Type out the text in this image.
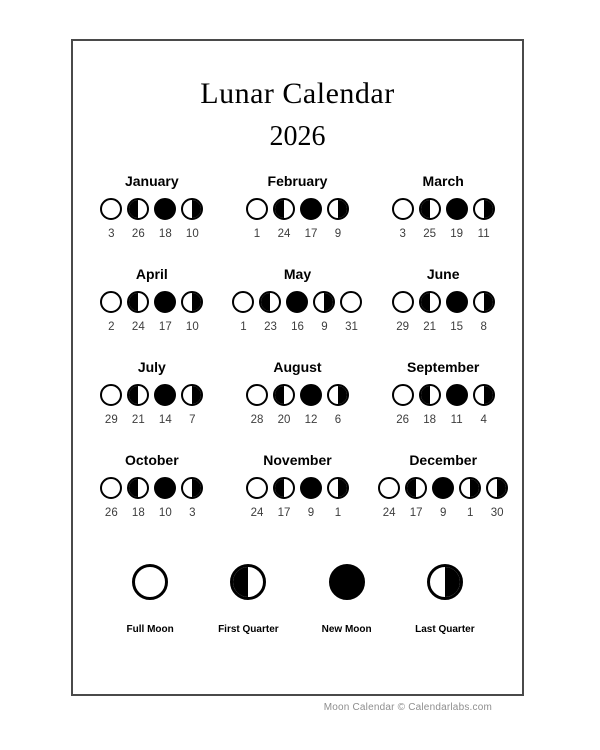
Lunar Calendar
2026
January
3 26 18 10
February
1 24 17 9
March
3 25 19 11
April
2 24 17 10
May
1 23 16 9 31
June
29 21 15 8
July
29 21 14 7
August
28 20 12 6
September
26 18 11 4
October
26 18 10 3
November
24 17 9 1
December
24 17 9 1 30
Full Moon	First Quarter	New Moon	Last Quarter
Moon Calendar © Calendarlabs.com
